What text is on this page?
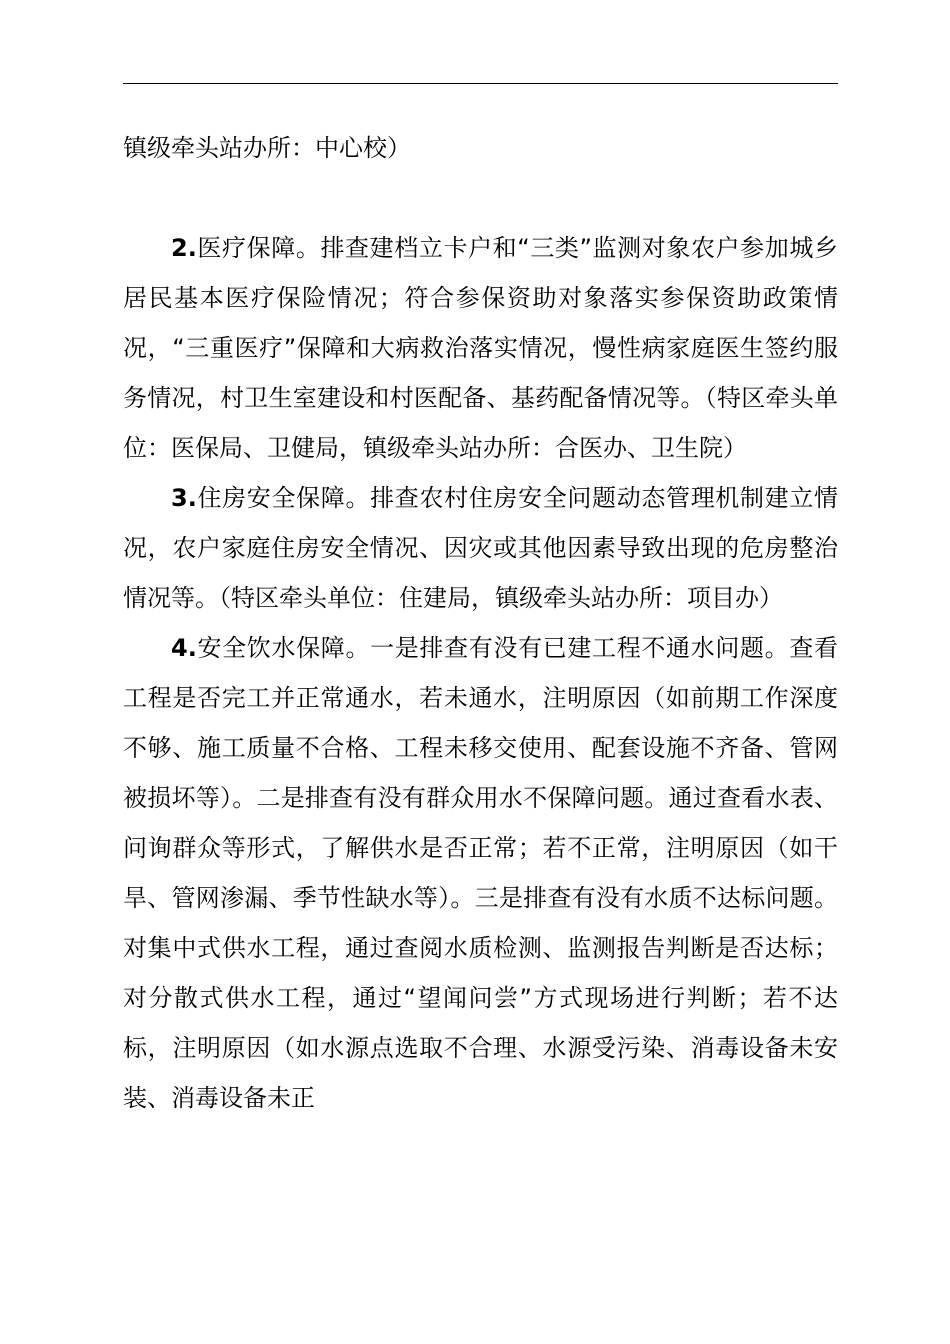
镇级牵头站办所：中心校）

2.医疗保障。排查建档立卡户和“三类”监测对象农户参加城乡居民基本医疗保险情况；符合参保资助对象落实参保资助政策情况，“三重医疗”保障和大病救治落实情况，慢性病家庭医生签约服务情况，村卫生室建设和村医配备、基药配备情况等。（特区牵头单位：医保局、卫健局，镇级牵头站办所：合医办、卫生院）

3.住房安全保障。排查农村住房安全问题动态管理机制建立情况，农户家庭住房安全情况、因灾或其他因素导致出现的危房整治情况等。（特区牵头单位：住建局，镇级牵头站办所：项目办）

4.安全饮水保障。一是排查有没有已建工程不通水问题。查看工程是否完工并正常通水，若未通水，注明原因（如前期工作深度不够、施工质量不合格、工程未移交使用、配套设施不齐备、管网被损坏等）。二是排查有没有群众用水不保障问题。通过查看水表、问询群众等形式，了解供水是否正常；若不正常，注明原因（如干旱、管网渗漏、季节性缺水等）。三是排查有没有水质不达标问题。对集中式供水工程，通过查阅水质检测、监测报告判断是否达标；对分散式供水工程，通过“望闻问尝”方式现场进行判断；若不达标，注明原因（如水源点选取不合理、水源受污染、消毒设备未安装、消毒设备未正
